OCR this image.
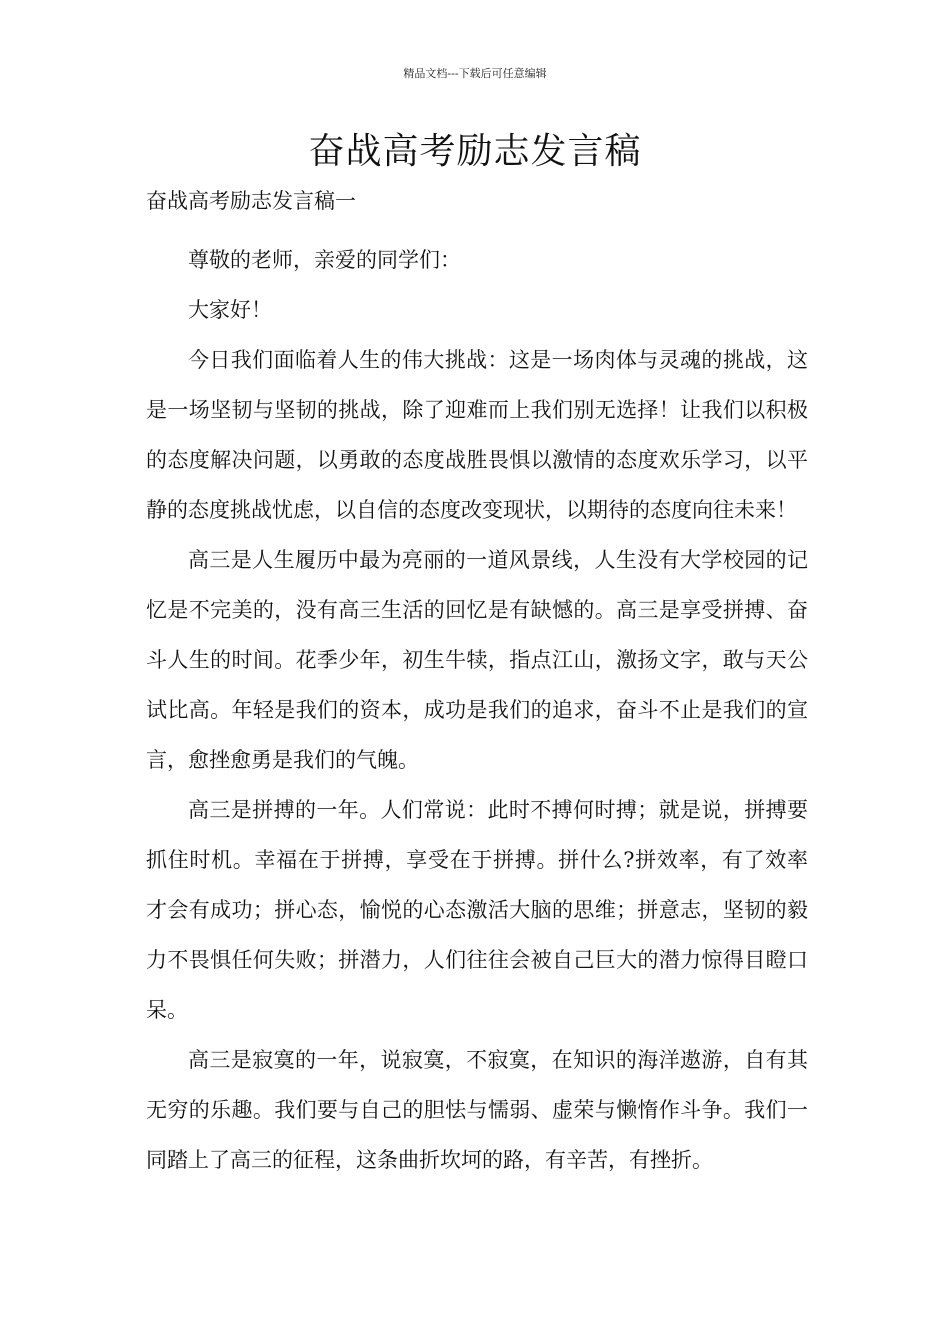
精品文档---下载后可任意编辑
奋战高考励志发言稿
奋战高考励志发言稿一

尊敬的老师，亲爱的同学们：

大家好！

今日我们面临着人生的伟大挑战：这是一场肉体与灵魂的挑战，这是一场坚韧与坚韧的挑战，除了迎难而上我们别无选择！让我们以积极的态度解决问题，以勇敢的态度战胜畏惧以激情的态度欢乐学习，以平静的态度挑战忧虑，以自信的态度改变现状，以期待的态度向往未来！

高三是人生履历中最为亮丽的一道风景线，人生没有大学校园的记忆是不完美的，没有高三生活的回忆是有缺憾的。高三是享受拼搏、奋斗人生的时间。花季少年，初生牛犊，指点江山，激扬文字，敢与天公试比高。年轻是我们的资本，成功是我们的追求，奋斗不止是我们的宣言，愈挫愈勇是我们的气魄。

高三是拼搏的一年。人们常说：此时不搏何时搏；就是说，拼搏要抓住时机。幸福在于拼搏，享受在于拼搏。拼什么?拼效率，有了效率才会有成功；拼心态，愉悦的心态激活大脑的思维；拼意志，坚韧的毅力不畏惧任何失败；拼潜力，人们往往会被自己巨大的潜力惊得目瞪口呆。

高三是寂寞的一年，说寂寞，不寂寞，在知识的海洋遨游，自有其无穷的乐趣。我们要与自己的胆怯与懦弱、虚荣与懒惰作斗争。我们一同踏上了高三的征程，这条曲折坎坷的路，有辛苦，有挫折。
